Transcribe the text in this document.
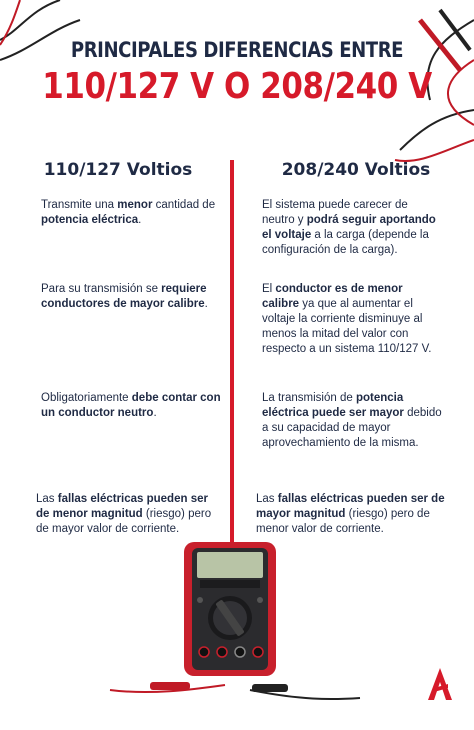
PRINCIPALES DIFERENCIAS ENTRE
110/127 V O 208/240 V
110/127 Voltios	208/240 Voltios
Transmite una menor cantidad de potencia eléctrica.
Para su transmisión se requiere conductores de mayor calibre.
Obligatoriamente debe contar con un conductor neutro.
Las fallas eléctricas pueden ser de menor magnitud (riesgo) pero de mayor valor de corriente.
El sistema puede carecer de neutro y podrá seguir aportando el voltaje a la carga (depende la configuración de la carga).
El conductor es de menor calibre ya que al aumentar el voltaje la corriente disminuye al menos la mitad del valor con respecto a un sistema 110/127 V.
La transmisión de potencia eléctrica puede ser mayor debido a su capacidad de mayor aprovechamiento de la misma.
Las fallas eléctricas pueden ser de mayor magnitud (riesgo) pero de menor valor de corriente.
